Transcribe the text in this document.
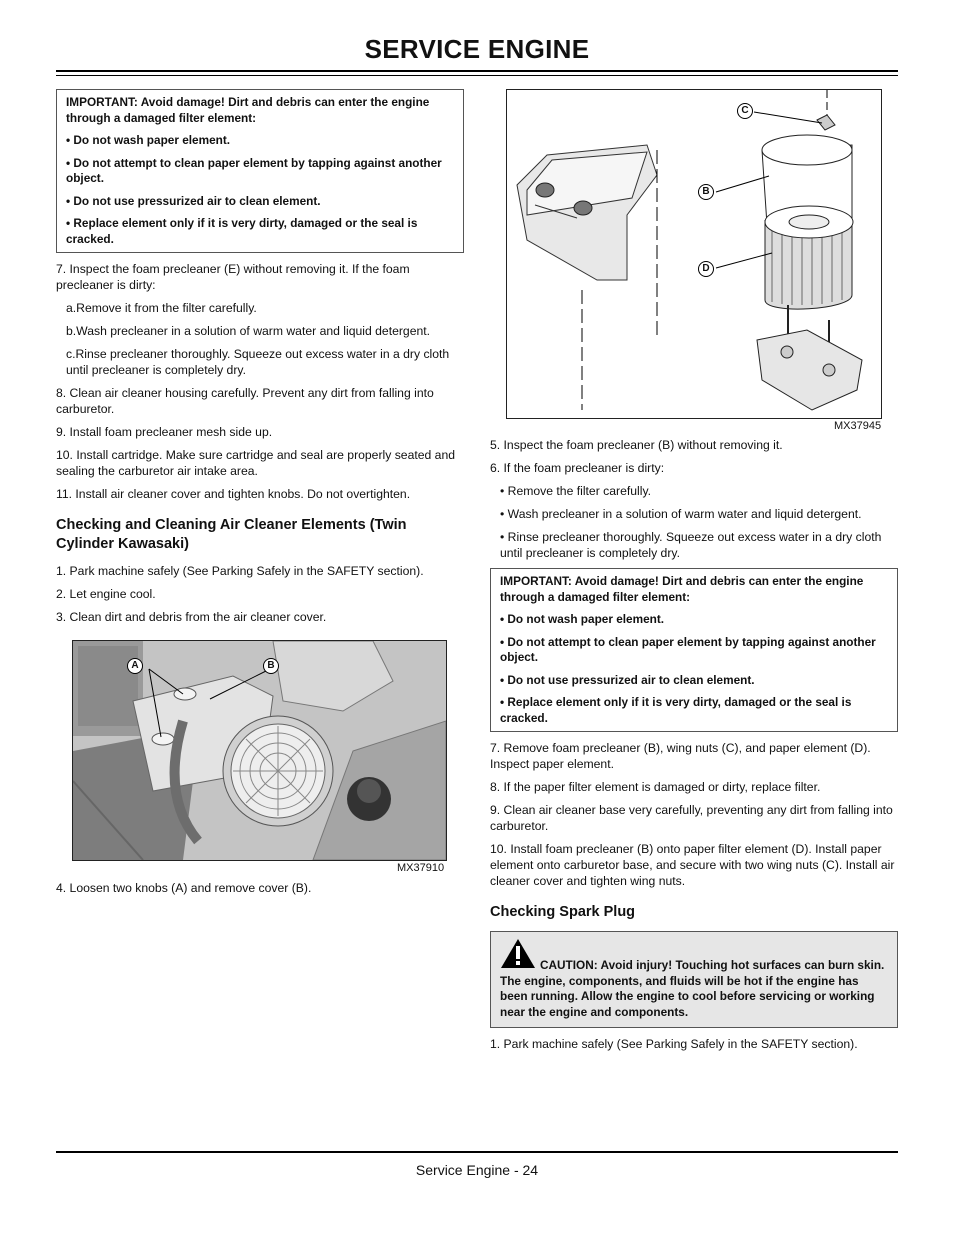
SERVICE ENGINE

IMPORTANT: Avoid damage! Dirt and debris can enter the engine through a damaged filter element:

• Do not wash paper element.

• Do not attempt to clean paper element by tapping against another object.

• Do not use pressurized air to clean element.

• Replace element only if it is very dirty, damaged or the seal is cracked.

7. Inspect the foam precleaner (E) without removing it. If the foam precleaner is dirty:

a.Remove it from the filter carefully.

b.Wash precleaner in a solution of warm water and liquid detergent.

c.Rinse precleaner thoroughly. Squeeze out excess water in a dry cloth until precleaner is completely dry.

8. Clean air cleaner housing carefully. Prevent any dirt from falling into carburetor.

9. Install foam precleaner mesh side up.

10. Install cartridge. Make sure cartridge and seal are properly seated and sealing the carburetor air intake area.

11. Install air cleaner cover and tighten knobs. Do not overtighten.

Checking and Cleaning Air Cleaner Elements (Twin Cylinder Kawasaki)

1. Park machine safely (See Parking Safely in the SAFETY section).

2. Let engine cool.

3. Clean dirt and debris from the air cleaner cover.

A	B
MX37910

4. Loosen two knobs (A) and remove cover (B).

C
B
D
MX37945

5. Inspect the foam precleaner (B) without removing it.

6. If the foam precleaner is dirty:

• Remove the filter carefully.

• Wash precleaner in a solution of warm water and liquid detergent.

• Rinse precleaner thoroughly. Squeeze out excess water in a dry cloth until precleaner is completely dry.

IMPORTANT: Avoid damage! Dirt and debris can enter the engine through a damaged filter element:

• Do not wash paper element.

• Do not attempt to clean paper element by tapping against another object.

• Do not use pressurized air to clean element.

• Replace element only if it is very dirty, damaged or the seal is cracked.

7. Remove foam precleaner (B), wing nuts (C), and paper element (D). Inspect paper element.

8. If the paper filter element is damaged or dirty, replace filter.

9. Clean air cleaner base very carefully, preventing any dirt from falling into carburetor.

10. Install foam precleaner (B) onto paper filter element (D). Install paper element onto carburetor base, and secure with two wing nuts (C). Install air cleaner cover and tighten wing nuts.

Checking Spark Plug

CAUTION: Avoid injury! Touching hot surfaces can burn skin. The engine, components, and fluids will be hot if the engine has been running. Allow the engine to cool before servicing or working near the engine and components.

1. Park machine safely (See Parking Safely in the SAFETY section).

Service Engine - 24
